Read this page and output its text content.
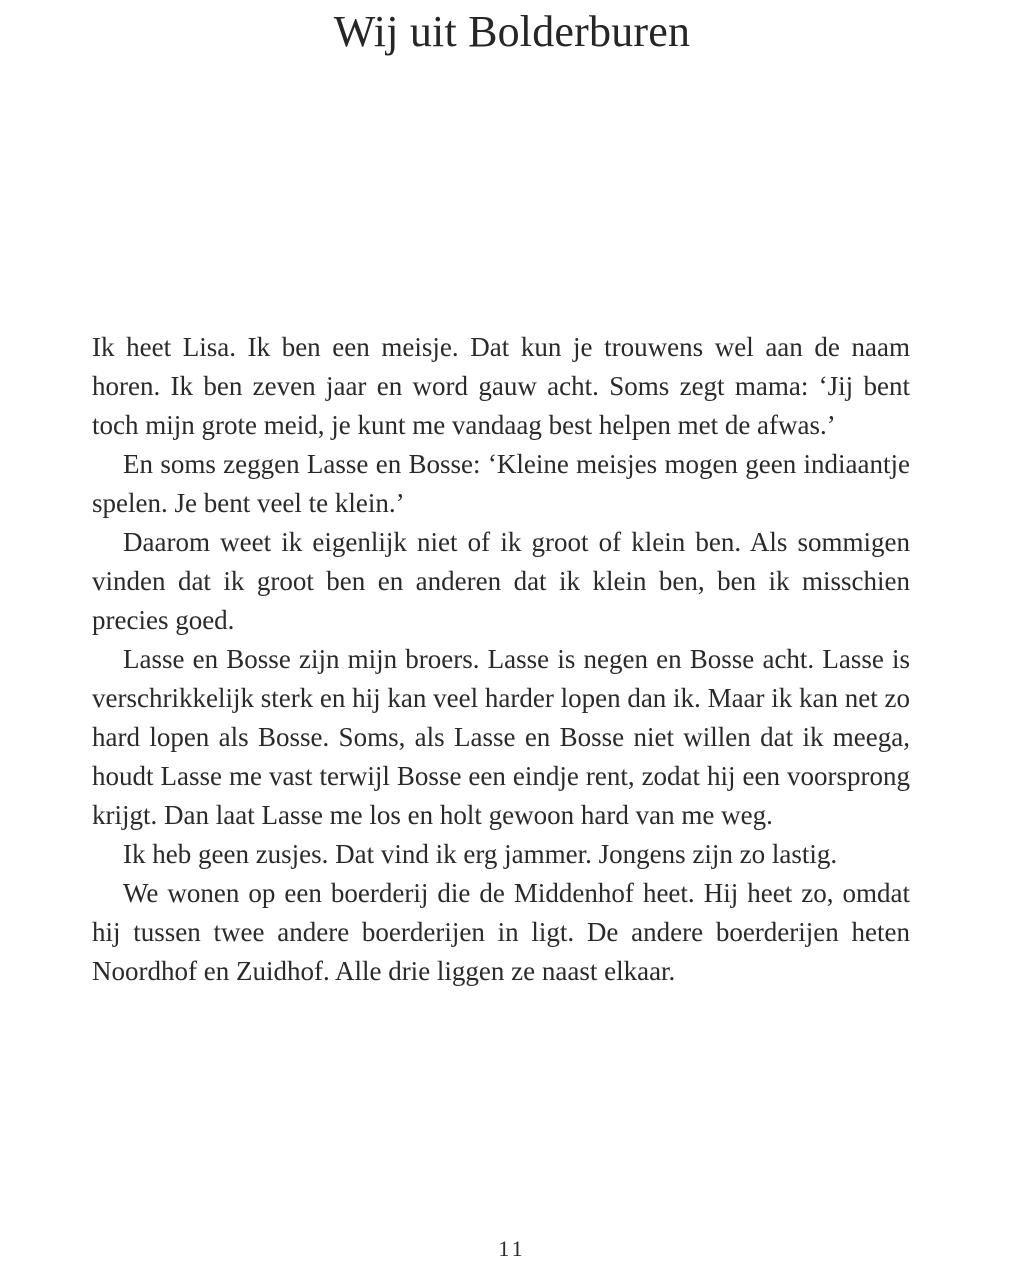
Wij uit Bolderburen

Ik heet Lisa. Ik ben een meisje. Dat kun je trouwens wel aan de naam horen. Ik ben zeven jaar en word gauw acht. Soms zegt mama: ‘Jij bent toch mijn grote meid, je kunt me vandaag best helpen met de afwas.’

En soms zeggen Lasse en Bosse: ‘Kleine meisjes mogen geen indiaantje spelen. Je bent veel te klein.’

Daarom weet ik eigenlijk niet of ik groot of klein ben. Als sommigen vinden dat ik groot ben en anderen dat ik klein ben, ben ik misschien precies goed.

Lasse en Bosse zijn mijn broers. Lasse is negen en Bosse acht. Lasse is verschrikkelijk sterk en hij kan veel harder lopen dan ik. Maar ik kan net zo hard lopen als Bosse. Soms, als Lasse en Bosse niet willen dat ik meega, houdt Lasse me vast terwijl Bosse een eindje rent, zodat hij een voorsprong krijgt. Dan laat Lasse me los en holt gewoon hard van me weg.

Ik heb geen zusjes. Dat vind ik erg jammer. Jongens zijn zo lastig.

We wonen op een boerderij die de Middenhof heet. Hij heet zo, omdat hij tussen twee andere boerderijen in ligt. De andere boerderijen heten Noordhof en Zuidhof. Alle drie liggen ze naast elkaar.

11
